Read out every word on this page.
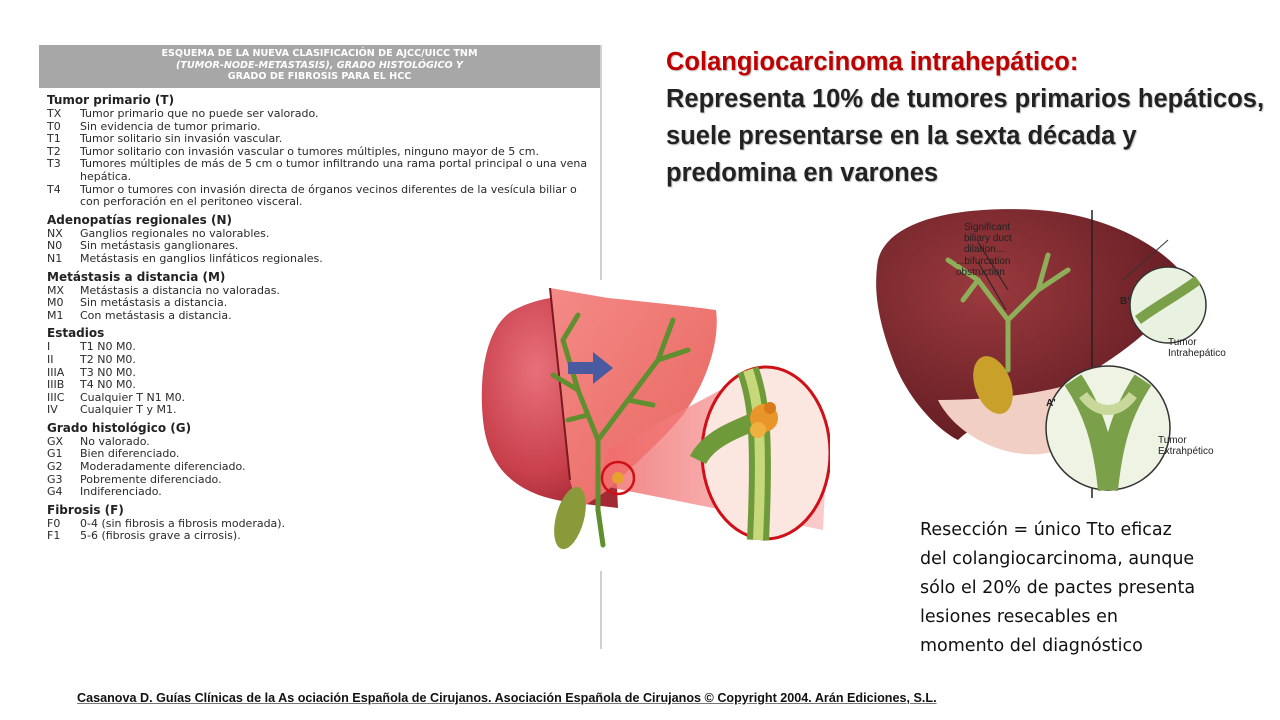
ESQUEMA DE LA NUEVA CLASIFICACIÓN DE AJCC/UICC TNM
(TUMOR-NODE-METASTASIS), GRADO HISTOLÓGICO Y
GRADO DE FIBROSIS PARA EL HCC
Tumor primario (T)
TX	Tumor primario que no puede ser valorado.
T0	Sin evidencia de tumor primario.
T1	Tumor solitario sin invasión vascular.
T2	Tumor solitario con invasión vascular o tumores múltiples, ninguno mayor de 5 cm.
T3	Tumores múltiples de más de 5 cm o tumor infiltrando una rama portal principal o una vena hepática.
T4	Tumor o tumores con invasión directa de órganos vecinos diferentes de la vesícula biliar o con perforación en el peritoneo visceral.
Adenopatías regionales (N)
NX	Ganglios regionales no valorables.
N0	Sin metástasis ganglionares.
N1	Metástasis en ganglios linfáticos regionales.
Metástasis a distancia (M)
MX	Metástasis a distancia no valoradas.
M0	Sin metástasis a distancia.
M1	Con metástasis a distancia.
Estadios
I	T1 N0 M0.
II	T2 N0 M0.
IIIA	T3 N0 M0.
IIIB	T4 N0 M0.
IIIC	Cualquier T N1 M0.
IV	Cualquier T y M1.
Grado histológico (G)
GX	No valorado.
G1	Bien diferenciado.
G2	Moderadamente diferenciado.
G3	Pobremente diferenciado.
G4	Indiferenciado.
Fibrosis (F)
F0	0-4 (sin fibrosis a fibrosis moderada).
F1	5-6 (fibrosis grave a cirrosis).
Colangiocarcinoma intrahepático:
Representa 10% de tumores primarios hepáticos, suele presentarse en la sexta década y predomina en varones
Significant
biliary duct
dilation...
...bifurcation
obstruction
B'
Tumor
Intrahepático
A'
Tumor
Extrahpético
Resección = único Tto eficaz
del colangiocarcinoma, aunque
sólo el 20% de pactes presenta
lesiones resecables en
momento del diagnóstico
Casanova D. Guías Clínicas de la As ociación Española de Cirujanos. Asociación Española de Cirujanos © Copyright 2004. Arán Ediciones, S.L.
